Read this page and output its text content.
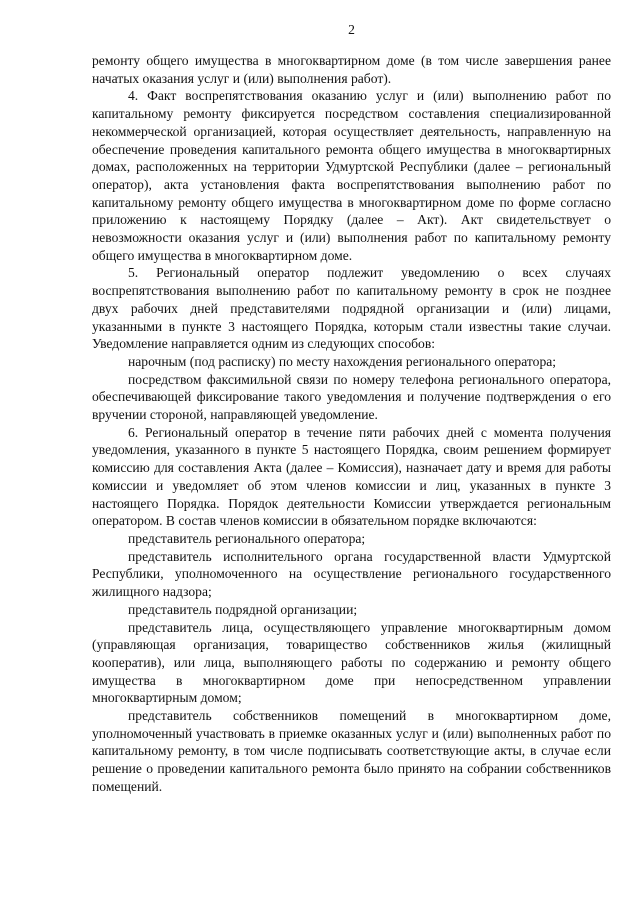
2

ремонту общего имущества в многоквартирном доме (в том числе завершения ранее начатых оказания услуг и (или) выполнения работ).

4. Факт воспрепятствования оказанию услуг и (или) выполнению работ по капитальному ремонту фиксируется посредством составления специализированной некоммерческой организацией, которая осуществляет деятельность, направленную на обеспечение проведения капитального ремонта общего имущества в многоквартирных домах, расположенных на территории Удмуртской Республики (далее – региональный оператор), акта установления факта воспрепятствования выполнению работ по капитальному ремонту общего имущества в многоквартирном доме по форме согласно приложению к настоящему Порядку (далее – Акт). Акт свидетельствует о невозможности оказания услуг и (или) выполнения работ по капитальному ремонту общего имущества в многоквартирном доме.

5. Региональный оператор подлежит уведомлению о всех случаях воспрепятствования выполнению работ по капитальному ремонту в срок не позднее двух рабочих дней представителями подрядной организации и (или) лицами, указанными в пункте 3 настоящего Порядка, которым стали известны такие случаи. Уведомление направляется одним из следующих способов:

нарочным (под расписку) по месту нахождения регионального оператора;

посредством факсимильной связи по номеру телефона регионального оператора, обеспечивающей фиксирование такого уведомления и получение подтверждения о его вручении стороной, направляющей уведомление.

6. Региональный оператор в течение пяти рабочих дней с момента получения уведомления, указанного в пункте 5 настоящего Порядка, своим решением формирует комиссию для составления Акта (далее – Комиссия), назначает дату и время для работы комиссии и уведомляет об этом членов комиссии и лиц, указанных в пункте 3 настоящего Порядка. Порядок деятельности Комиссии утверждается региональным оператором. В состав членов комиссии в обязательном порядке включаются:

представитель регионального оператора;

представитель исполнительного органа государственной власти Удмуртской Республики, уполномоченного на осуществление регионального государственного жилищного надзора;

представитель подрядной организации;

представитель лица, осуществляющего управление многоквартирным домом (управляющая организация, товарищество собственников жилья (жилищный кооператив), или лица, выполняющего работы по содержанию и ремонту общего имущества в многоквартирном доме при непосредственном управлении многоквартирным домом;

представитель собственников помещений в многоквартирном доме, уполномоченный участвовать в приемке оказанных услуг и (или) выполненных работ по капитальному ремонту, в том числе подписывать соответствующие акты, в случае если решение о проведении капитального ремонта было принято на собрании собственников помещений.
